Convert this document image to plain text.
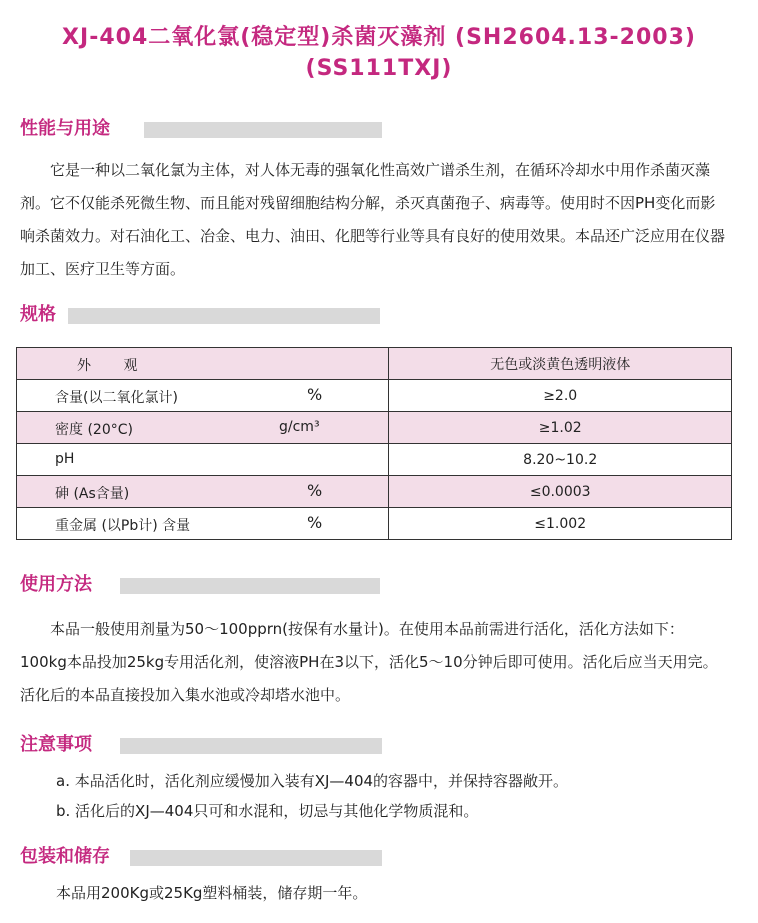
XJ-404二氧化氯(稳定型)杀菌灭藻剂 (SH2604.13-2003)
(SS111TXJ)
性能与用途

它是一种以二氧化氯为主体，对人体无毒的强氧化性高效广谱杀生剂，在循环冷却水中用作杀菌灭藻剂。它不仅能杀死微生物、而且能对残留细胞结构分解，杀灭真菌孢子、病毒等。使用时不因PH变化而影响杀菌效力。对石油化工、冶金、电力、油田、化肥等行业等具有良好的使用效果。本品还广泛应用在仪器加工、医疗卫生等方面。

规格
外 观	无色或淡黄色透明液体

含量(以二氧化氯计) %	≥2.0

密度 (20°C) g/cm³	≥1.02

pH	8.20~10.2

砷 (As含量) %	≤0.0003

重金属 (以Pb计) 含量 %	≤1.002
使用方法

本品一般使用剂量为50～100pprn(按保有水量计)。在使用本品前需进行活化，活化方法如下：100kg本品投加25kg专用活化剂，使溶液PH在3以下，活化5～10分钟后即可使用。活化后应当天用完。活化后的本品直接投加入集水池或冷却塔水池中。

注意事项
a. 本品活化时，活化剂应缓慢加入装有XJ—404的容器中，并保持容器敞开。
b. 活化后的XJ—404只可和水混和，切忌与其他化学物质混和。
包装和储存
本品用200Kg或25Kg塑料桶装，储存期一年。
